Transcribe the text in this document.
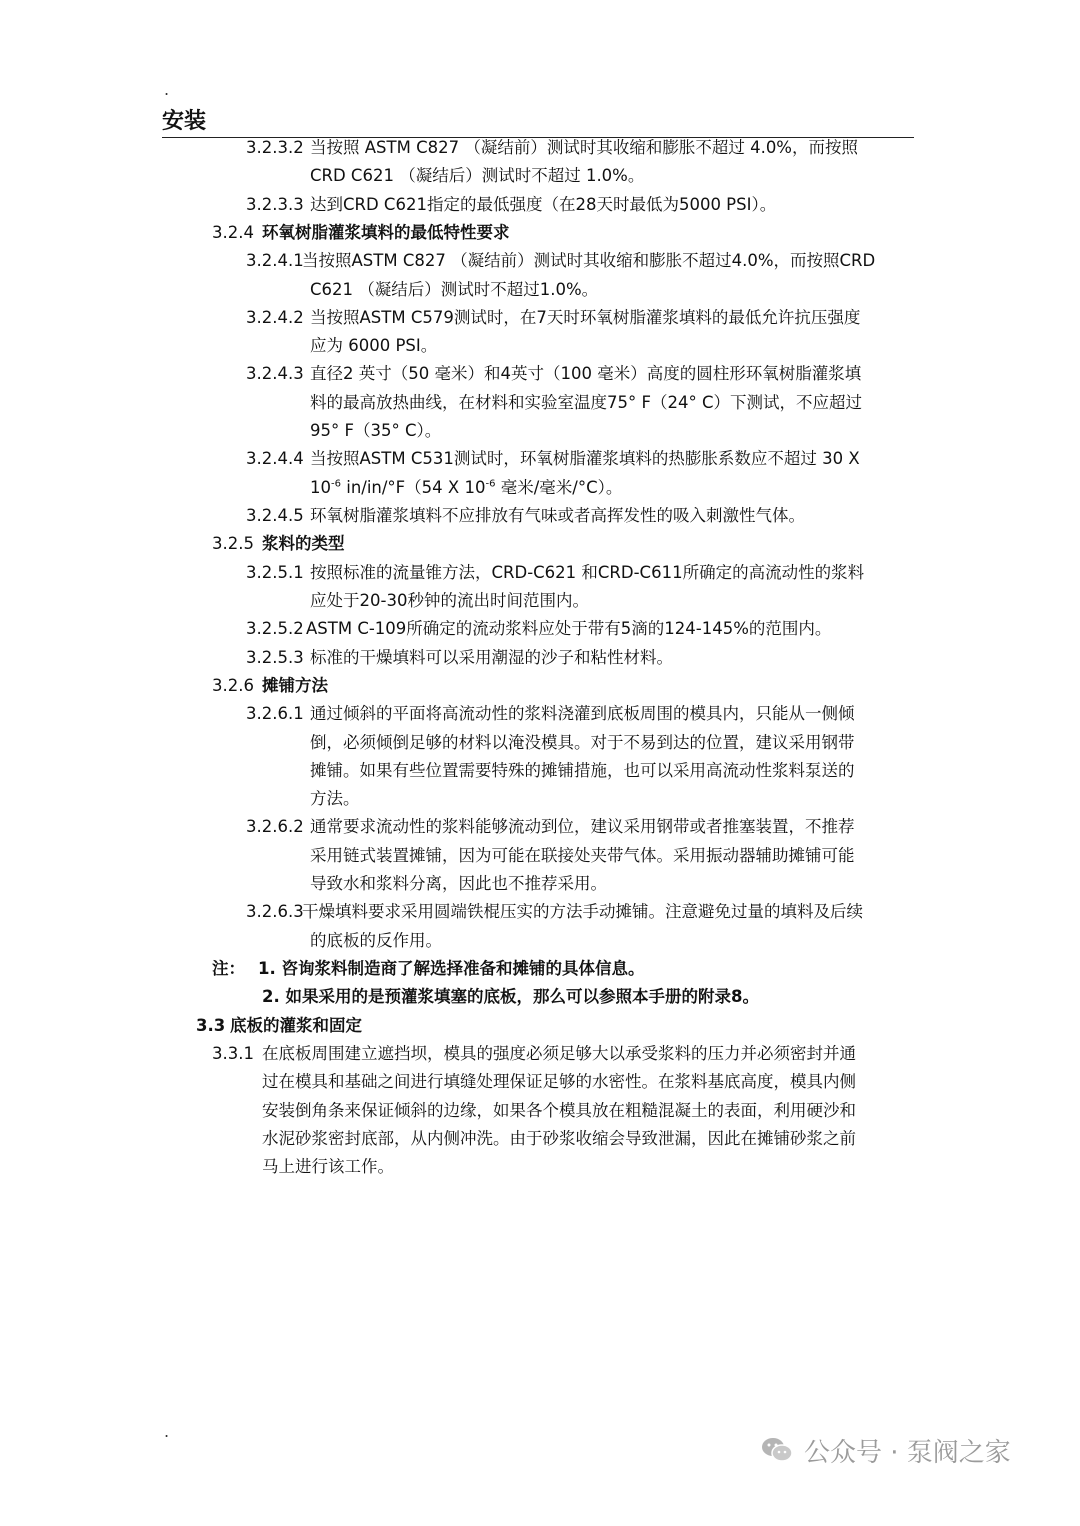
.
安装
3.2.3.2 当按照 ASTM C827 （凝结前）测试时其收缩和膨胀不超过 4.0%，而按照
CRD C621 （凝结后）测试时不超过 1.0%。
3.2.3.3 达到CRD C621指定的最低强度（在28天时最低为5000 PSI）。
3.2.4 环氧树脂灌浆填料的最低特性要求
3.2.4.1当按照ASTM C827 （凝结前）测试时其收缩和膨胀不超过4.0%，而按照CRD
C621 （凝结后）测试时不超过1.0%。
3.2.4.2 当按照ASTM C579测试时，在7天时环氧树脂灌浆填料的最低允许抗压强度
应为 6000 PSI。
3.2.4.3 直径2 英寸（50 毫米）和4英寸（100 毫米）高度的圆柱形环氧树脂灌浆填
料的最高放热曲线，在材料和实验室温度75° F（24° C）下测试，不应超过
95° F（35° C）。
3.2.4.4 当按照ASTM C531测试时，环氧树脂灌浆填料的热膨胀系数应不超过 30 X
$10^{-6}$ in/in/°F（54 X $10^{-6}$ 毫米/毫米/°C）。
3.2.4.5 环氧树脂灌浆填料不应排放有气味或者高挥发性的吸入刺激性气体。
3.2.5 浆料的类型
3.2.5.1 按照标准的流量锥方法，CRD-C621 和CRD-C611所确定的高流动性的浆料
应处于20-30秒钟的流出时间范围内。
3.2.5.2 ASTM C-109所确定的流动浆料应处于带有5滴的124-145%的范围内。
3.2.5.3 标准的干燥填料可以采用潮湿的沙子和粘性材料。
3.2.6 摊铺方法
3.2.6.1 通过倾斜的平面将高流动性的浆料浇灌到底板周围的模具内，只能从一侧倾
倒，必须倾倒足够的材料以淹没模具。对于不易到达的位置，建议采用钢带
摊铺。如果有些位置需要特殊的摊铺措施，也可以采用高流动性浆料泵送的
方法。
3.2.6.2 通常要求流动性的浆料能够流动到位，建议采用钢带或者推塞装置，不推荐
采用链式装置摊铺，因为可能在联接处夹带气体。采用振动器辅助摊铺可能
导致水和浆料分离，因此也不推荐采用。
3.2.6.3干燥填料要求采用圆端铁棍压实的方法手动摊铺。注意避免过量的填料及后续
的底板的反作用。
注： 1. 咨询浆料制造商了解选择准备和摊铺的具体信息。
2. 如果采用的是预灌浆填塞的底板，那么可以参照本手册的附录8。
3.3 底板的灌浆和固定
3.3.1 在底板周围建立遮挡坝，模具的强度必须足够大以承受浆料的压力并必须密封并通
过在模具和基础之间进行填缝处理保证足够的水密性。在浆料基底高度，模具内侧
安装倒角条来保证倾斜的边缘，如果各个模具放在粗糙混凝土的表面，利用硬沙和
水泥砂浆密封底部，从内侧冲洗。由于砂浆收缩会导致泄漏，因此在摊铺砂浆之前
马上进行该工作。
.
公众号 · 泵阀之家
